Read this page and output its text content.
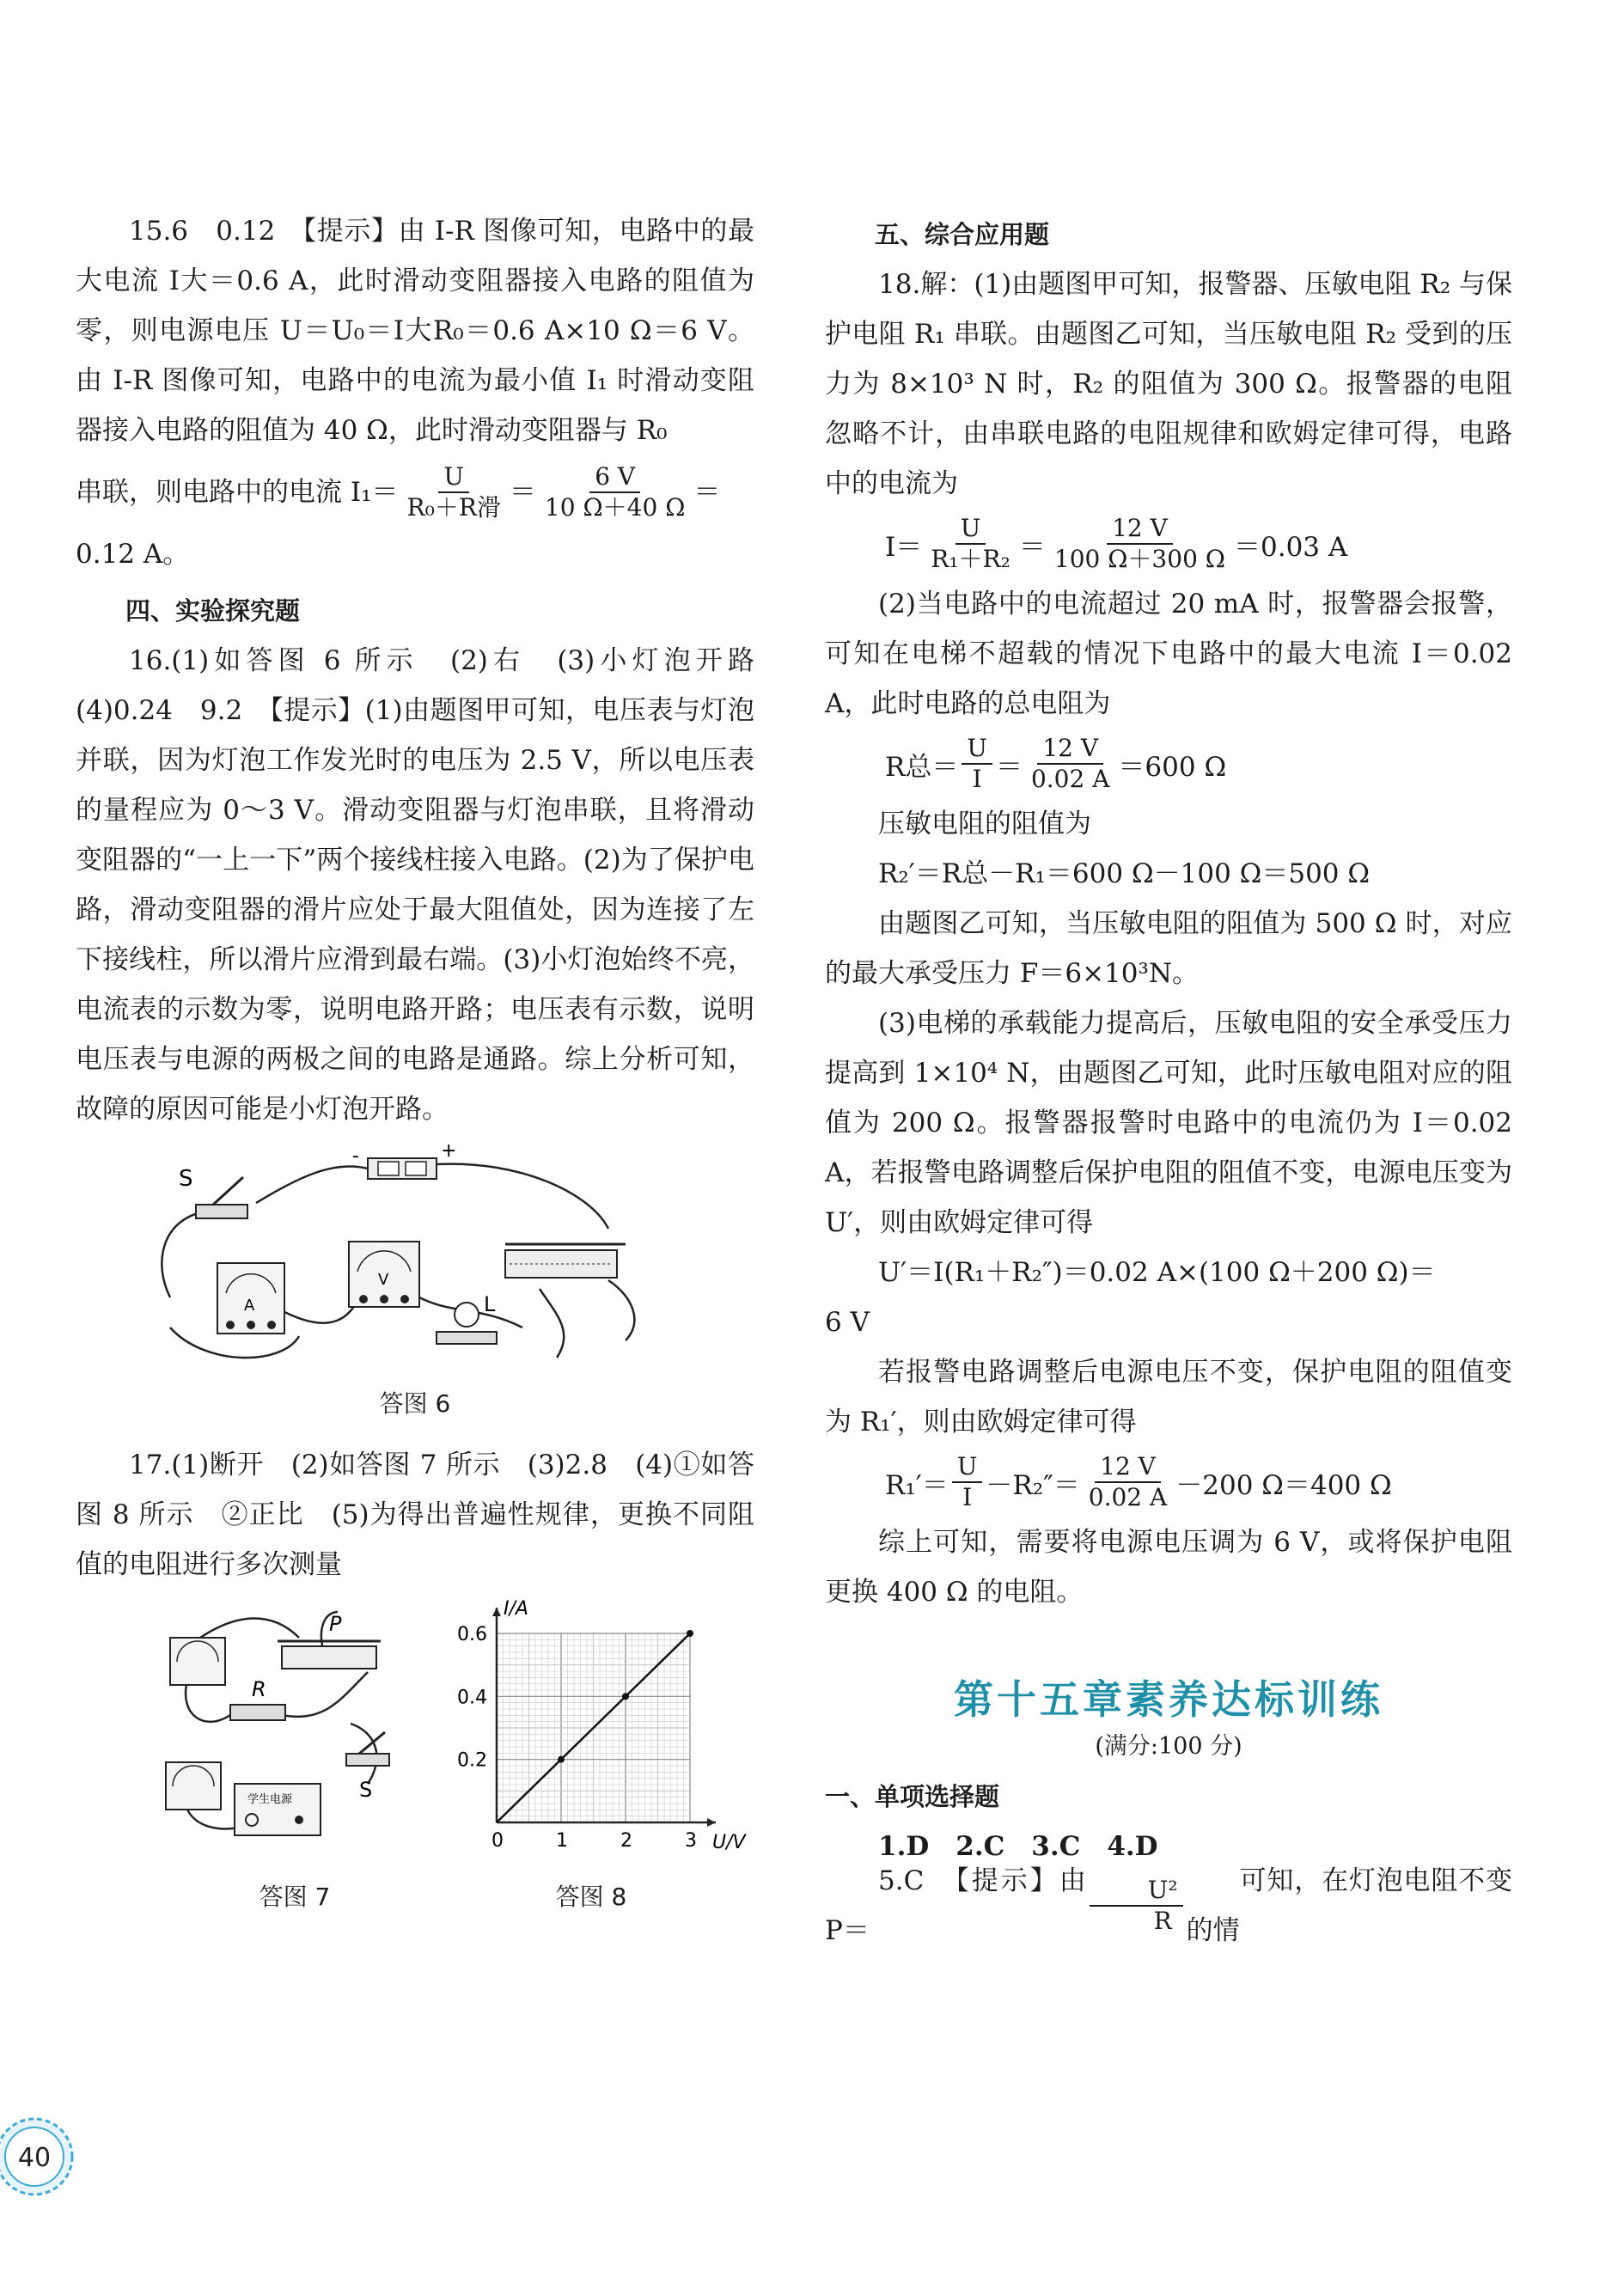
15.6　0.12　【提示】由 I-R 图像可知，电路中的最大电流 I大＝0.6 A，此时滑动变阻器接入电路的阻值为零，则电源电压 U＝U₀＝I大R₀＝0.6 A×10 Ω＝6 V。由 I-R 图像可知，电路中的电流为最小值 I₁ 时滑动变阻器接入电路的阻值为 40 Ω，此时滑动变阻器与 R₀

串联，则电路中的电流 $I_1= \frac{U}{\text{R₀＋R滑}} = \frac{6 V}{10 \Omega+40 \Omega}$ ＝

0.12 A。

四、实验探究题

16.(1)如答图 6 所示　(2)右　(3)小灯泡开路　(4)0.24　9.2　【提示】(1)由题图甲可知，电压表与灯泡并联，因为灯泡工作发光时的电压为 2.5 V，所以电压表的量程应为 0～3 V。滑动变阻器与灯泡串联，且将滑动变阻器的“一上一下”两个接线柱接入电路。(2)为了保护电路，滑动变阻器的滑片应处于最大阻值处，因为连接了左下接线柱，所以滑片应滑到最右端。(3)小灯泡始终不亮，电流表的示数为零，说明电路开路；电压表有示数，说明电压表与电源的两极之间的电路是通路。综上分析可知，故障的原因可能是小灯泡开路。

S
-	+
A
V
L
答图 6

17.(1)断开　(2)如答图 7 所示　(3)2.8　(4)①如答图 8 所示　②正比　(5)为得出普遍性规律，更换不同阻值的电阻进行多次测量

P
R
S
学生电源
答图 7
0	1	2	3
0.2
0.4
0.6
U/V
I/A
答图 8

五、综合应用题

18.解：(1)由题图甲可知，报警器、压敏电阻 R₂ 与保护电阻 R₁ 串联。由题图乙可知，当压敏电阻 R₂ 受到的压力为 8×10³ N 时，R₂ 的阻值为 300 Ω。报警器的电阻忽略不计，由串联电路的电阻规律和欧姆定律可得，电路中的电流为

$I= \frac{U}{\text{R₁＋R₂}} = \frac{12 V}{100 \Omega+300 \Omega} =0.03$ A

(2)当电路中的电流超过 20 mA 时，报警器会报警，可知在电梯不超载的情况下电路中的最大电流 I＝0.02 A，此时电路的总电阻为

R总＝ $\frac{U}{I} = \frac{12 V}{0.02 A} =600$ Ω

压敏电阻的阻值为

R₂′＝R总－R₁＝600 Ω－100 Ω＝500 Ω

由题图乙可知，当压敏电阻的阻值为 500 Ω 时，对应的最大承受压力 F＝6×10³N。

(3)电梯的承载能力提高后，压敏电阻的安全承受压力提高到 1×10⁴ N，由题图乙可知，此时压敏电阻对应的阻值为 200 Ω。报警器报警时电路中的电流仍为 I＝0.02 A，若报警电路调整后保护电阻的阻值不变，电源电压变为 U′，则由欧姆定律可得

U′＝I(R₁＋R₂″)＝0.02 A×(100 Ω＋200 Ω)＝

6 V

若报警电路调整后电源电压不变，保护电阻的阻值变为 R₁′，则由欧姆定律可得

$R_1'= \frac{U}{I} -R_2''= \frac{12 V}{0.02 A} -200$ Ω＝400 Ω

综上可知，需要将电源电压调为 6 V，或将保护电阻更换 400 Ω 的电阻。

第十五章素养达标训练
(满分:100 分)

一、单项选择题

1.D　2.C　3.C　4.D

5.C　【提示】由 P＝	$\frac{\text{U²}}{R}$	可知，在灯泡电阻不变的情

40
